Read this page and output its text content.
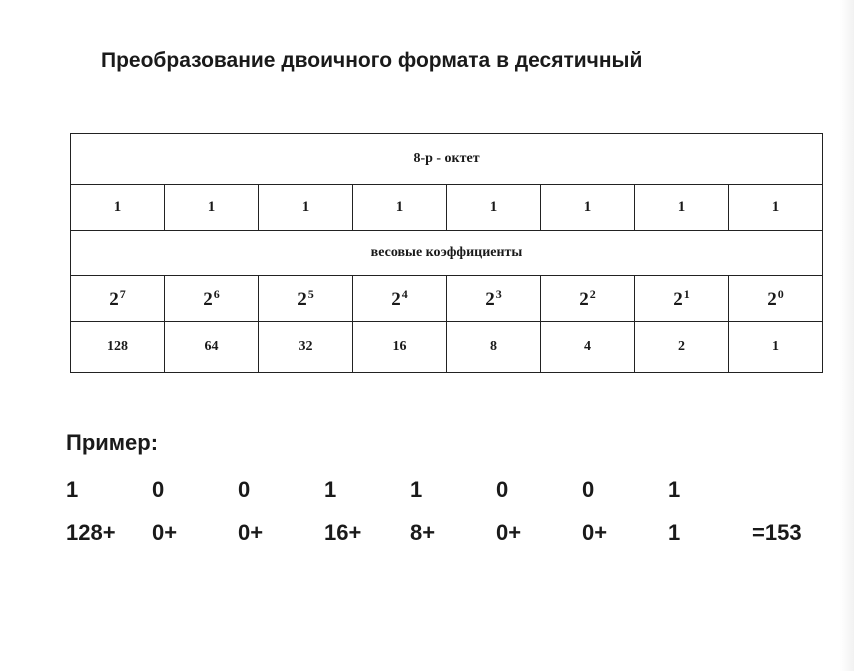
Преобразование двоичного формата в десятичный
8-р - октет							
1	1	1	1	1	1	1	1
весовые коэффициенты							
$2^7$	$2^6$	$2^5$	$2^4$	$2^3$	$2^2$	$2^1$	$2^0$
128	64	32	16	8	4	2	1
Пример:
1	0	0	1	1	0	0	1
128+ 0+	0+	16+ 8+	0+	0+	1	=153
